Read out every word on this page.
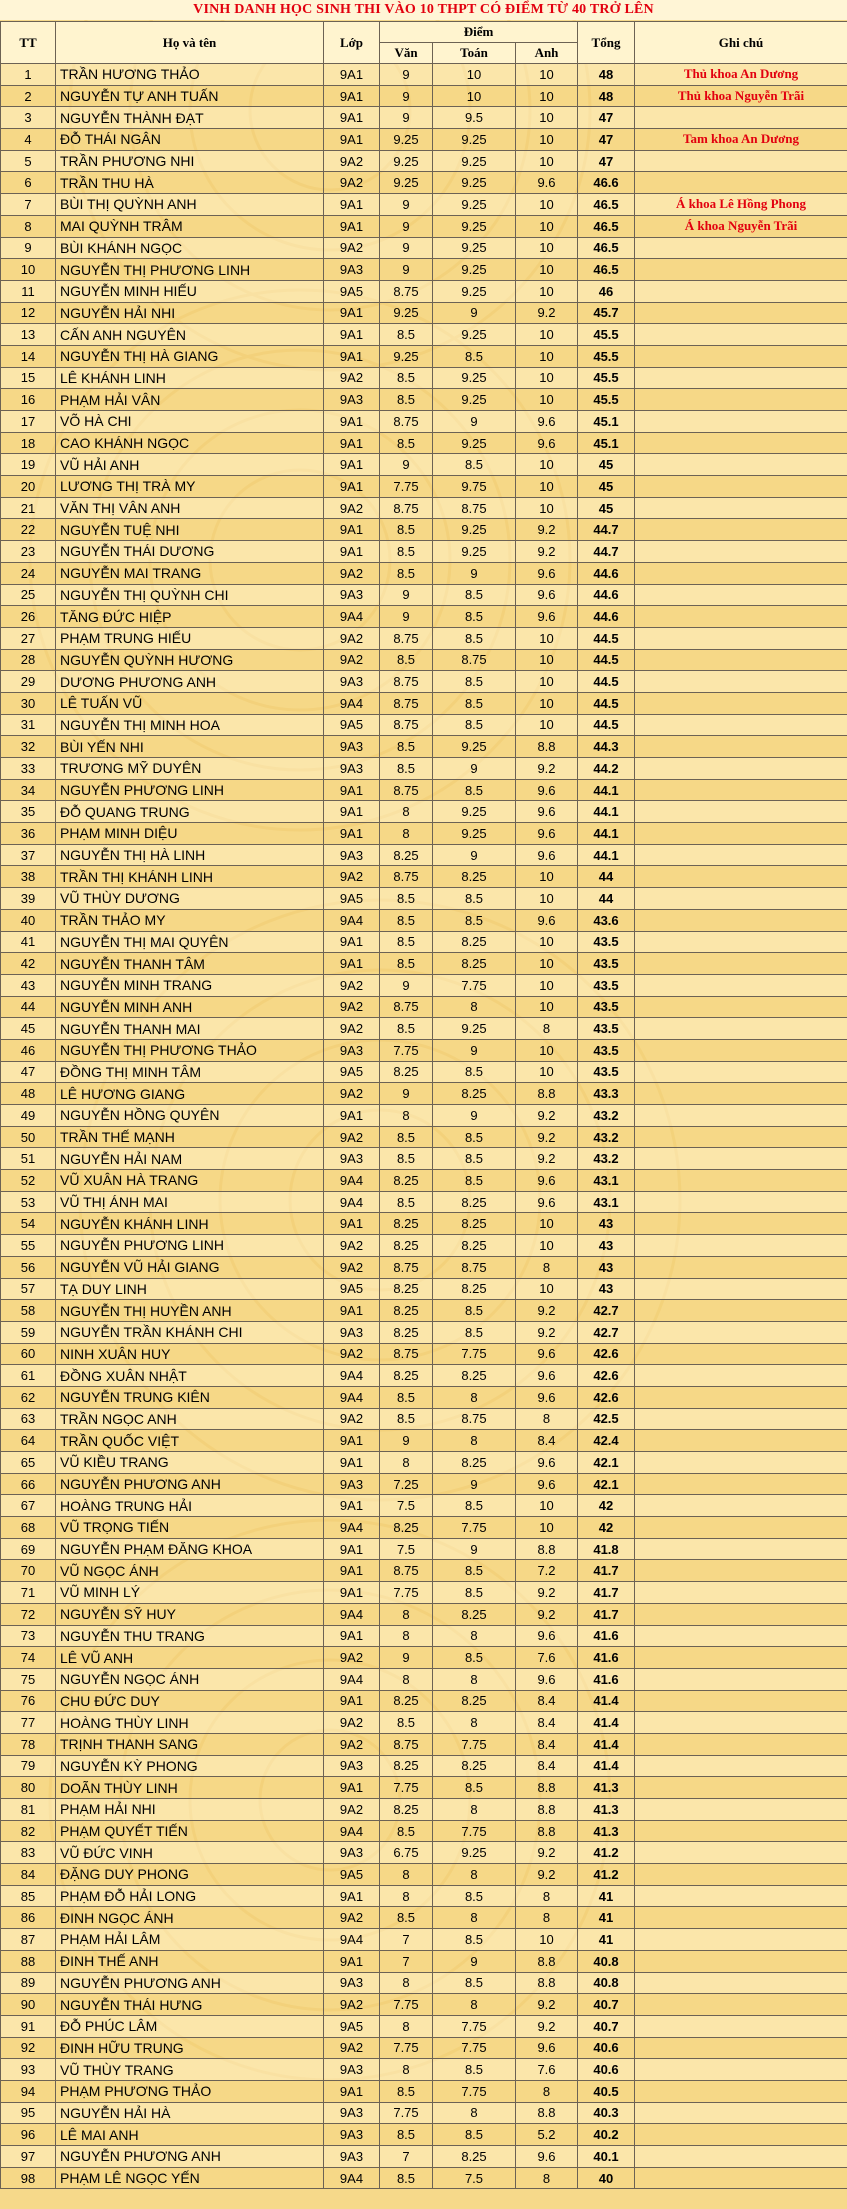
VINH DANH HỌC SINH THI VÀO 10 THPT CÓ ĐIỂM TỪ 40 TRỞ LÊN
TT	Họ và tên	Lớp	Điểm			Tổng	Ghi chú
			Văn	Toán	Anh		
1	TRẦN HƯƠNG THẢO	9A1	9	10	10	48	Thủ khoa An Dương
2	NGUYỄN TỰ ANH TUẤN	9A1	9	10	10	48	Thủ khoa Nguyễn Trãi
3	NGUYỄN THÀNH ĐẠT	9A1	9	9.5	10	47	
4	ĐỖ THÁI NGÂN	9A1	9.25	9.25	10	47	Tam khoa An Dương
5	TRẦN PHƯƠNG NHI	9A2	9.25	9.25	10	47	
6	TRẦN THU HÀ	9A2	9.25	9.25	9.6	46.6	
7	BÙI THỊ QUỲNH ANH	9A1	9	9.25	10	46.5	Á khoa Lê Hồng Phong
8	MAI QUỲNH TRÂM	9A1	9	9.25	10	46.5	Á khoa Nguyễn Trãi
9	BÙI KHÁNH NGỌC	9A2	9	9.25	10	46.5	
10	NGUYỄN THỊ PHƯƠNG LINH	9A3	9	9.25	10	46.5	
11	NGUYỄN MINH HIẾU	9A5	8.75	9.25	10	46	
12	NGUYỄN HẢI NHI	9A1	9.25	9	9.2	45.7	
13	CẤN ANH NGUYÊN	9A1	8.5	9.25	10	45.5	
14	NGUYỄN THỊ HÀ GIANG	9A1	9.25	8.5	10	45.5	
15	LÊ KHÁNH LINH	9A2	8.5	9.25	10	45.5	
16	PHẠM HẢI VÂN	9A3	8.5	9.25	10	45.5	
17	VÕ HÀ CHI	9A1	8.75	9	9.6	45.1	
18	CAO KHÁNH NGỌC	9A1	8.5	9.25	9.6	45.1	
19	VŨ HẢI ANH	9A1	9	8.5	10	45	
20	LƯƠNG THỊ TRÀ MY	9A1	7.75	9.75	10	45	
21	VĂN THỊ VÂN ANH	9A2	8.75	8.75	10	45	
22	NGUYỄN TUỆ NHI	9A1	8.5	9.25	9.2	44.7	
23	NGUYỄN THÁI DƯƠNG	9A1	8.5	9.25	9.2	44.7	
24	NGUYỄN MAI TRANG	9A2	8.5	9	9.6	44.6	
25	NGUYỄN THỊ QUỲNH CHI	9A3	9	8.5	9.6	44.6	
26	TĂNG ĐỨC HIỆP	9A4	9	8.5	9.6	44.6	
27	PHẠM TRUNG HIẾU	9A2	8.75	8.5	10	44.5	
28	NGUYỄN QUỲNH HƯƠNG	9A2	8.5	8.75	10	44.5	
29	DƯƠNG PHƯƠNG ANH	9A3	8.75	8.5	10	44.5	
30	LÊ TUẤN VŨ	9A4	8.75	8.5	10	44.5	
31	NGUYỄN THỊ MINH HOA	9A5	8.75	8.5	10	44.5	
32	BÙI YẾN NHI	9A3	8.5	9.25	8.8	44.3	
33	TRƯƠNG MỸ DUYÊN	9A3	8.5	9	9.2	44.2	
34	NGUYỄN PHƯƠNG LINH	9A1	8.75	8.5	9.6	44.1	
35	ĐỖ QUANG TRUNG	9A1	8	9.25	9.6	44.1	
36	PHẠM MINH DIỆU	9A1	8	9.25	9.6	44.1	
37	NGUYỄN THỊ HÀ LINH	9A3	8.25	9	9.6	44.1	
38	TRẦN THỊ KHÁNH LINH	9A2	8.75	8.25	10	44	
39	VŨ THÙY DƯƠNG	9A5	8.5	8.5	10	44	
40	TRẦN THẢO MY	9A4	8.5	8.5	9.6	43.6	
41	NGUYỄN THỊ MAI QUYÊN	9A1	8.5	8.25	10	43.5	
42	NGUYỄN THANH TÂM	9A1	8.5	8.25	10	43.5	
43	NGUYỄN MINH TRANG	9A2	9	7.75	10	43.5	
44	NGUYỄN MINH ANH	9A2	8.75	8	10	43.5	
45	NGUYỄN THANH MAI	9A2	8.5	9.25	8	43.5	
46	NGUYỄN THỊ PHƯƠNG THẢO	9A3	7.75	9	10	43.5	
47	ĐỒNG THỊ MINH TÂM	9A5	8.25	8.5	10	43.5	
48	LÊ HƯƠNG GIANG	9A2	9	8.25	8.8	43.3	
49	NGUYỄN HỒNG QUYÊN	9A1	8	9	9.2	43.2	
50	TRẦN THẾ MẠNH	9A2	8.5	8.5	9.2	43.2	
51	NGUYỄN HẢI NAM	9A3	8.5	8.5	9.2	43.2	
52	VŨ XUÂN HÀ TRANG	9A4	8.25	8.5	9.6	43.1	
53	VŨ THỊ ÁNH MAI	9A4	8.5	8.25	9.6	43.1	
54	NGUYỄN KHÁNH LINH	9A1	8.25	8.25	10	43	
55	NGUYỄN PHƯƠNG LINH	9A2	8.25	8.25	10	43	
56	NGUYỄN VŨ HẢI GIANG	9A2	8.75	8.75	8	43	
57	TẠ DUY LINH	9A5	8.25	8.25	10	43	
58	NGUYỄN THỊ HUYỀN ANH	9A1	8.25	8.5	9.2	42.7	
59	NGUYỄN TRẦN KHÁNH CHI	9A3	8.25	8.5	9.2	42.7	
60	NINH XUÂN HUY	9A2	8.75	7.75	9.6	42.6	
61	ĐỒNG XUÂN NHẬT	9A4	8.25	8.25	9.6	42.6	
62	NGUYỄN TRUNG KIÊN	9A4	8.5	8	9.6	42.6	
63	TRẦN NGỌC ANH	9A2	8.5	8.75	8	42.5	
64	TRẦN QUỐC VIỆT	9A1	9	8	8.4	42.4	
65	VŨ KIỀU TRANG	9A1	8	8.25	9.6	42.1	
66	NGUYỄN PHƯƠNG ANH	9A3	7.25	9	9.6	42.1	
67	HOÀNG TRUNG HẢI	9A1	7.5	8.5	10	42	
68	VŨ TRỌNG TIẾN	9A4	8.25	7.75	10	42	
69	NGUYỄN PHẠM ĐĂNG KHOA	9A1	7.5	9	8.8	41.8	
70	VŨ NGỌC ÁNH	9A1	8.75	8.5	7.2	41.7	
71	VŨ MINH LÝ	9A1	7.75	8.5	9.2	41.7	
72	NGUYỄN SỸ HUY	9A4	8	8.25	9.2	41.7	
73	NGUYỄN THU TRANG	9A1	8	8	9.6	41.6	
74	LÊ VŨ ANH	9A2	9	8.5	7.6	41.6	
75	NGUYỄN NGỌC ÁNH	9A4	8	8	9.6	41.6	
76	CHU ĐỨC DUY	9A1	8.25	8.25	8.4	41.4	
77	HOÀNG THÙY LINH	9A2	8.5	8	8.4	41.4	
78	TRỊNH THANH SANG	9A2	8.75	7.75	8.4	41.4	
79	NGUYỄN KỲ PHONG	9A3	8.25	8.25	8.4	41.4	
80	DOÃN THÙY LINH	9A1	7.75	8.5	8.8	41.3	
81	PHẠM HẢI NHI	9A2	8.25	8	8.8	41.3	
82	PHẠM QUYẾT TIẾN	9A4	8.5	7.75	8.8	41.3	
83	VŨ ĐỨC VINH	9A3	6.75	9.25	9.2	41.2	
84	ĐẶNG DUY PHONG	9A5	8	8	9.2	41.2	
85	PHẠM ĐỖ HẢI LONG	9A1	8	8.5	8	41	
86	ĐINH NGỌC ÁNH	9A2	8.5	8	8	41	
87	PHẠM HẢI LÂM	9A4	7	8.5	10	41	
88	ĐINH THẾ ANH	9A1	7	9	8.8	40.8	
89	NGUYỄN PHƯƠNG ANH	9A3	8	8.5	8.8	40.8	
90	NGUYỄN THÁI HƯNG	9A2	7.75	8	9.2	40.7	
91	ĐỖ PHÚC LÂM	9A5	8	7.75	9.2	40.7	
92	ĐINH HỮU TRUNG	9A2	7.75	7.75	9.6	40.6	
93	VŨ THÙY TRANG	9A3	8	8.5	7.6	40.6	
94	PHẠM PHƯƠNG THẢO	9A1	8.5	7.75	8	40.5	
95	NGUYỄN HẢI HÀ	9A3	7.75	8	8.8	40.3	
96	LÊ MAI ANH	9A3	8.5	8.5	5.2	40.2	
97	NGUYỄN PHƯƠNG ANH	9A3	7	8.25	9.6	40.1	
98	PHẠM LÊ NGỌC YẾN	9A4	8.5	7.5	8	40	
